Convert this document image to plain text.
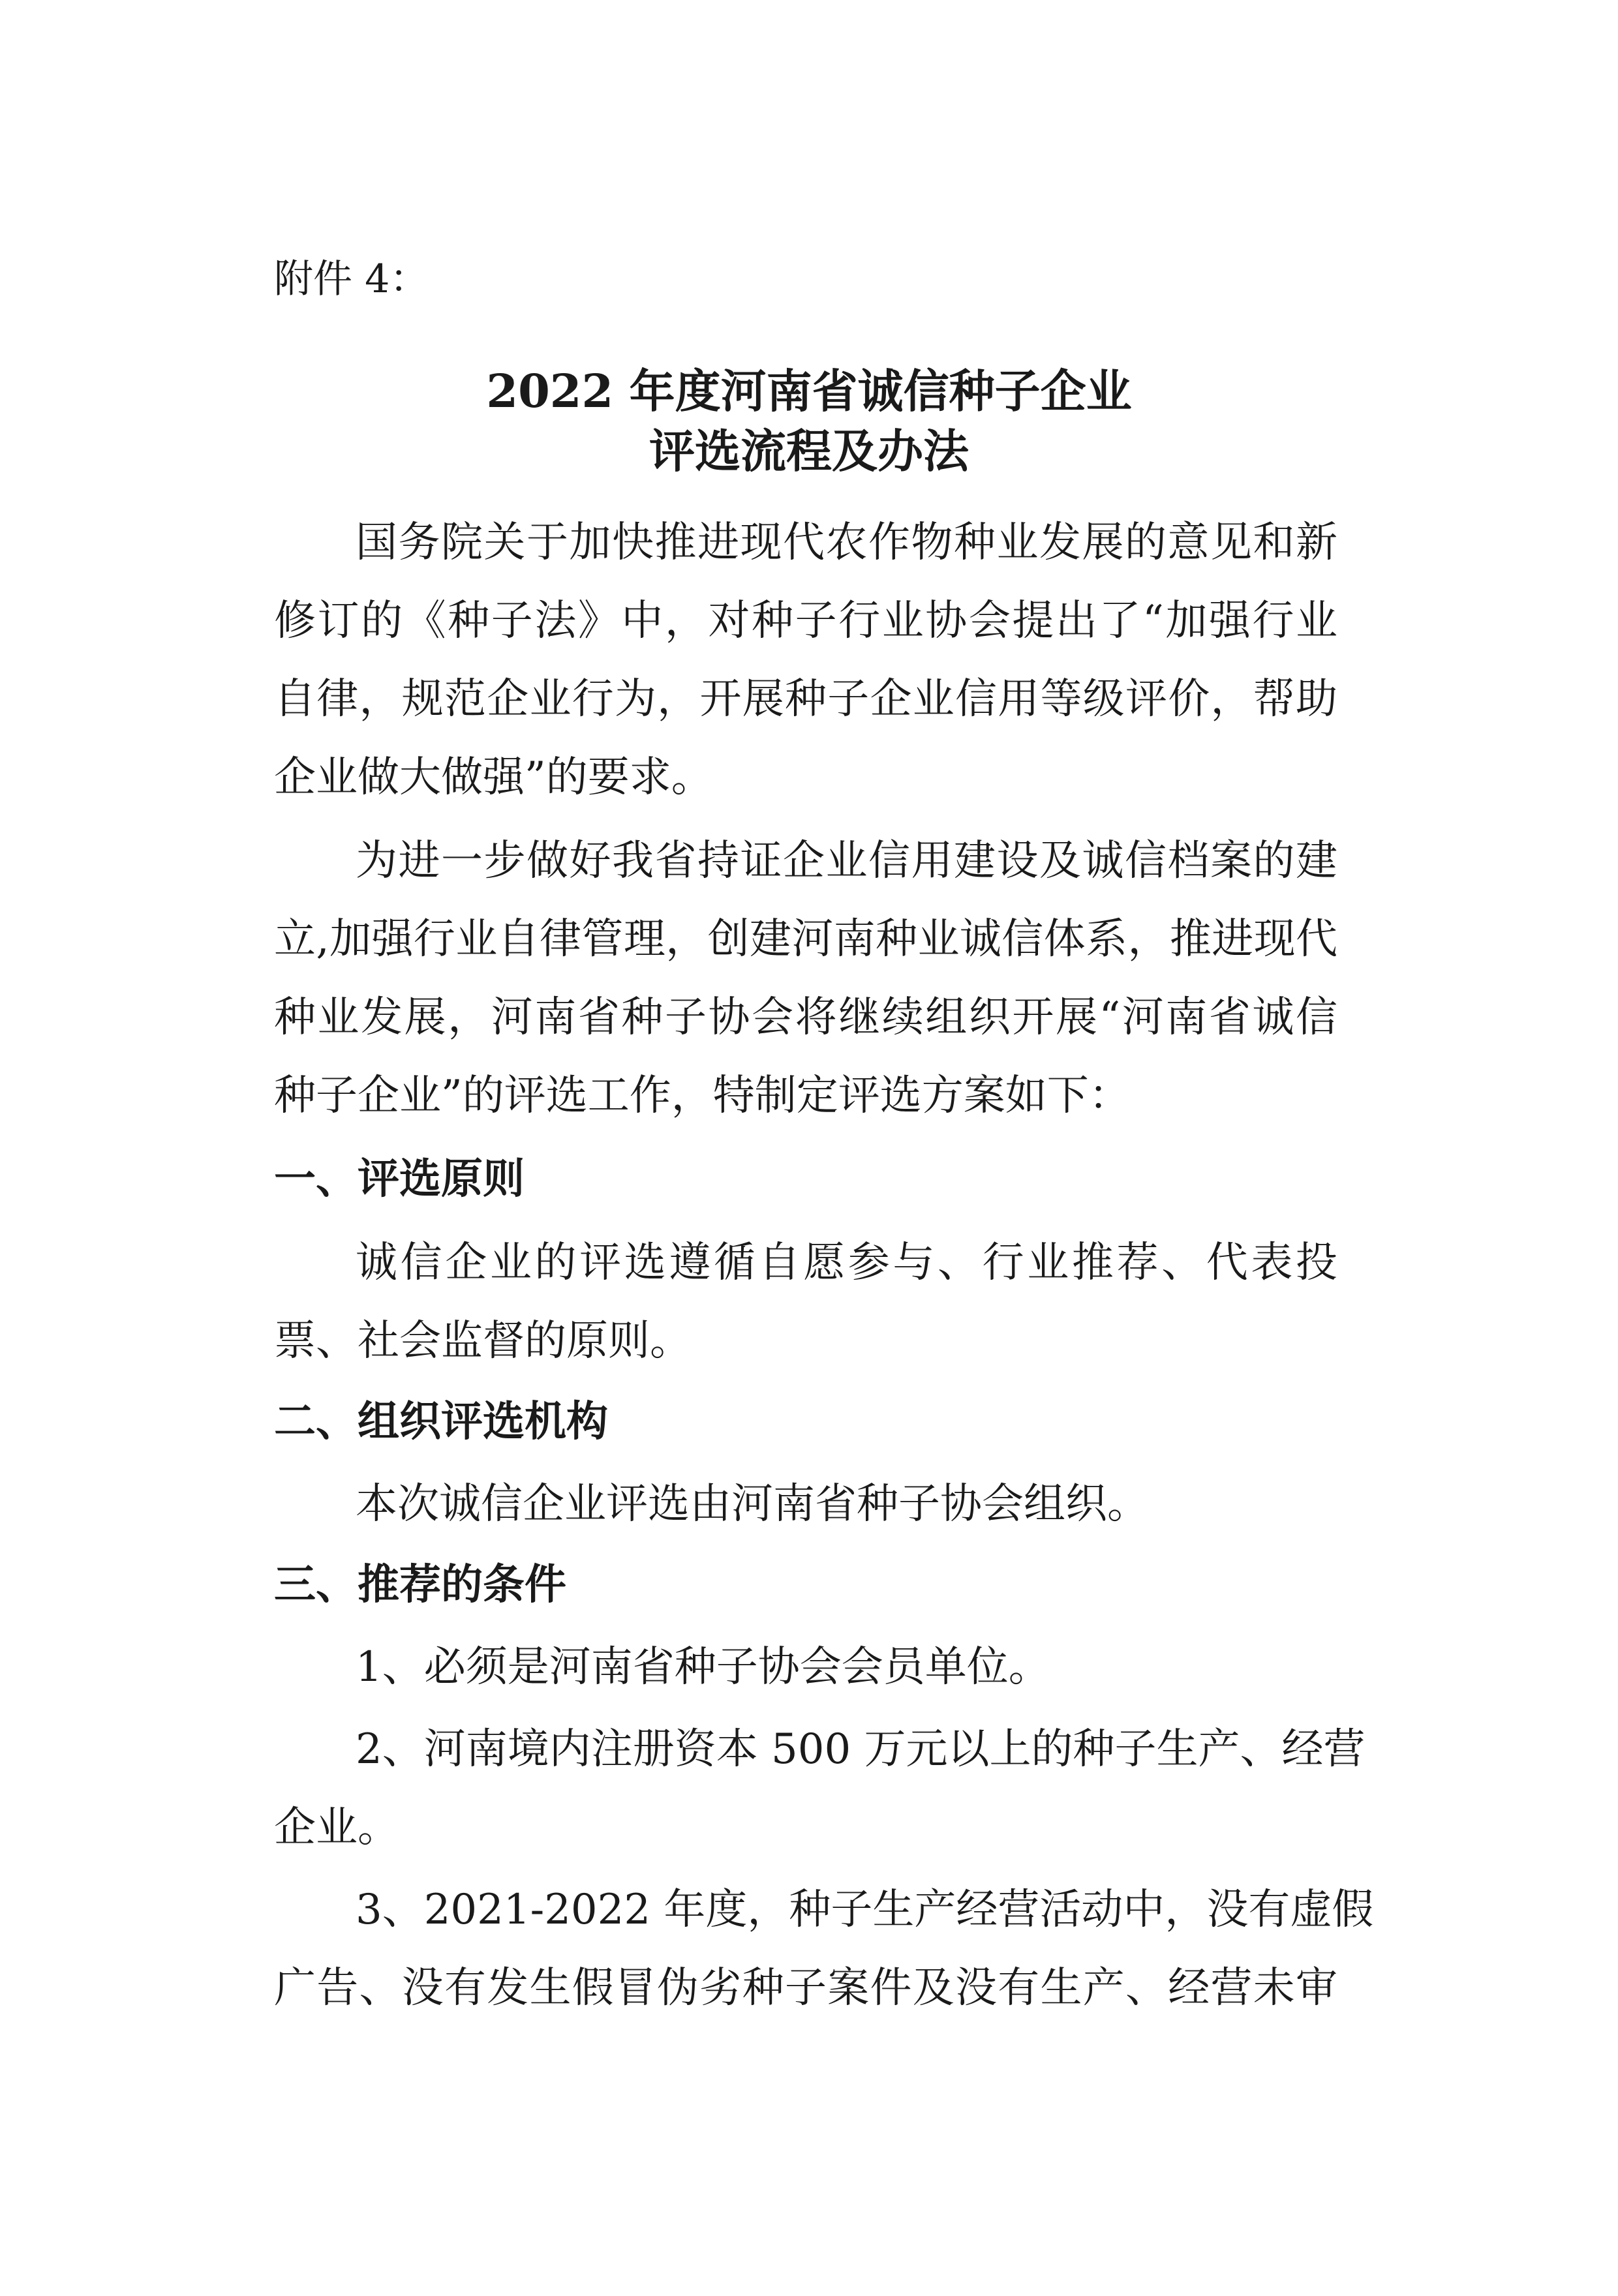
附件 4：
2022 年度河南省诚信种子企业
评选流程及办法
国务院关于加快推进现代农作物种业发展的意见和新
修订的《种子法》中，对种子行业协会提出了“加强行业
自律，规范企业行为，开展种子企业信用等级评价，帮助
企业做大做强”的要求。
为进一步做好我省持证企业信用建设及诚信档案的建
立,加强行业自律管理，创建河南种业诚信体系，推进现代
种业发展，河南省种子协会将继续组织开展“河南省诚信
种子企业”的评选工作，特制定评选方案如下：
一、评选原则
诚信企业的评选遵循自愿参与、行业推荐、代表投
票、社会监督的原则。
二、组织评选机构
本次诚信企业评选由河南省种子协会组织。
三、推荐的条件
1、必须是河南省种子协会会员单位。
2、河南境内注册资本 500 万元以上的种子生产、经营
企业。
3、2021-2022 年度，种子生产经营活动中，没有虚假
广告、没有发生假冒伪劣种子案件及没有生产、经营未审
